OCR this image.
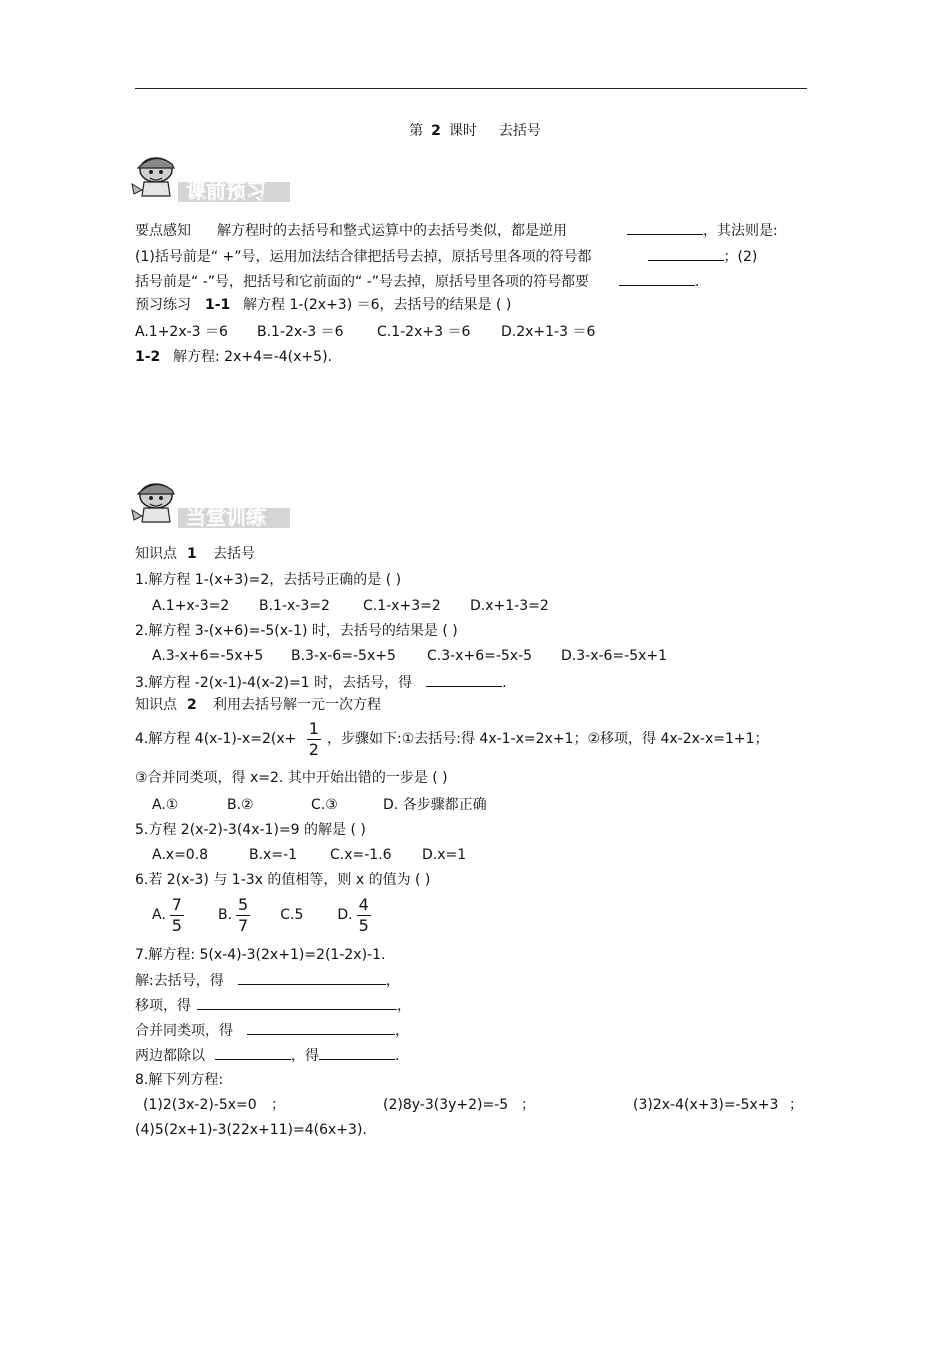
第 2 课时 去括号
课前预习
要点感知 解方程时的去括号和整式运算中的去括号类似，都是逆用	，其法则是:
(1)括号前是“ +”号，运用加法结合律把括号去掉，原括号里各项的符号都	；(2)
括号前是“ -”号，把括号和它前面的“ -”号去掉，原括号里各项的符号都要	.
预习练习 1-1 解方程 1-(2x+3) ＝6，去括号的结果是 ( )
A.1+2x-3 ＝6 B.1-2x-3 ＝6 C.1-2x+3 ＝6 D.2x+1-3 ＝6
1-2 解方程: 2x+4=-4(x+5).
当堂训练
知识点 1 去括号
1.解方程 1-(x+3)=2，去括号正确的是 ( )
A.1+x-3=2 B.1-x-3=2 C.1-x+3=2 D.x+1-3=2
2.解方程 3-(x+6)=-5(x-1) 时，去括号的结果是 ( )
A.3-x+6=-5x+5 B.3-x-6=-5x+5 C.3-x+6=-5x-5 D.3-x-6=-5x+1
3.解方程 -2(x-1)-4(x-2)=1 时，去括号，得	.
知识点 2 利用去括号解一元一次方程
4.解方程 $4(x-1)-x=2(x+ \frac{1}{2}$ ，步骤如下:①去括号:得 4x-1-x=2x+1；②移项，得 4x-2x-x=1+1；
③合并同类项，得 x=2. 其中开始出错的一步是 ( )
A.①	B.②	C.③	D. 各步骤都正确
5.方程 2(x-2)-3(4x-1)=9 的解是 ( )
A.x=0.8	B.x=-1 C.x=-1.6 D.x=1
6.若 2(x-3) 与 1-3x 的值相等，则 x 的值为 ( )
A. $\frac{7}{5} B$. $\frac{5}{7} C.5$ D. $\frac{4}{5}$
7.解方程: 5(x-4)-3(2x+1)=2(1-2x)-1.
解:去括号，得	，
移项，得	，
合并同类项，得	，
两边都除以	，得	.
8.解下列方程:
(1)2(3x-2)-5x=0 ；	(2)8y-3(3y+2)=-5 ；	(3)2x-4(x+3)=-5x+3 ；
(4)5(2x+1)-3(22x+11)=4(6x+3).
